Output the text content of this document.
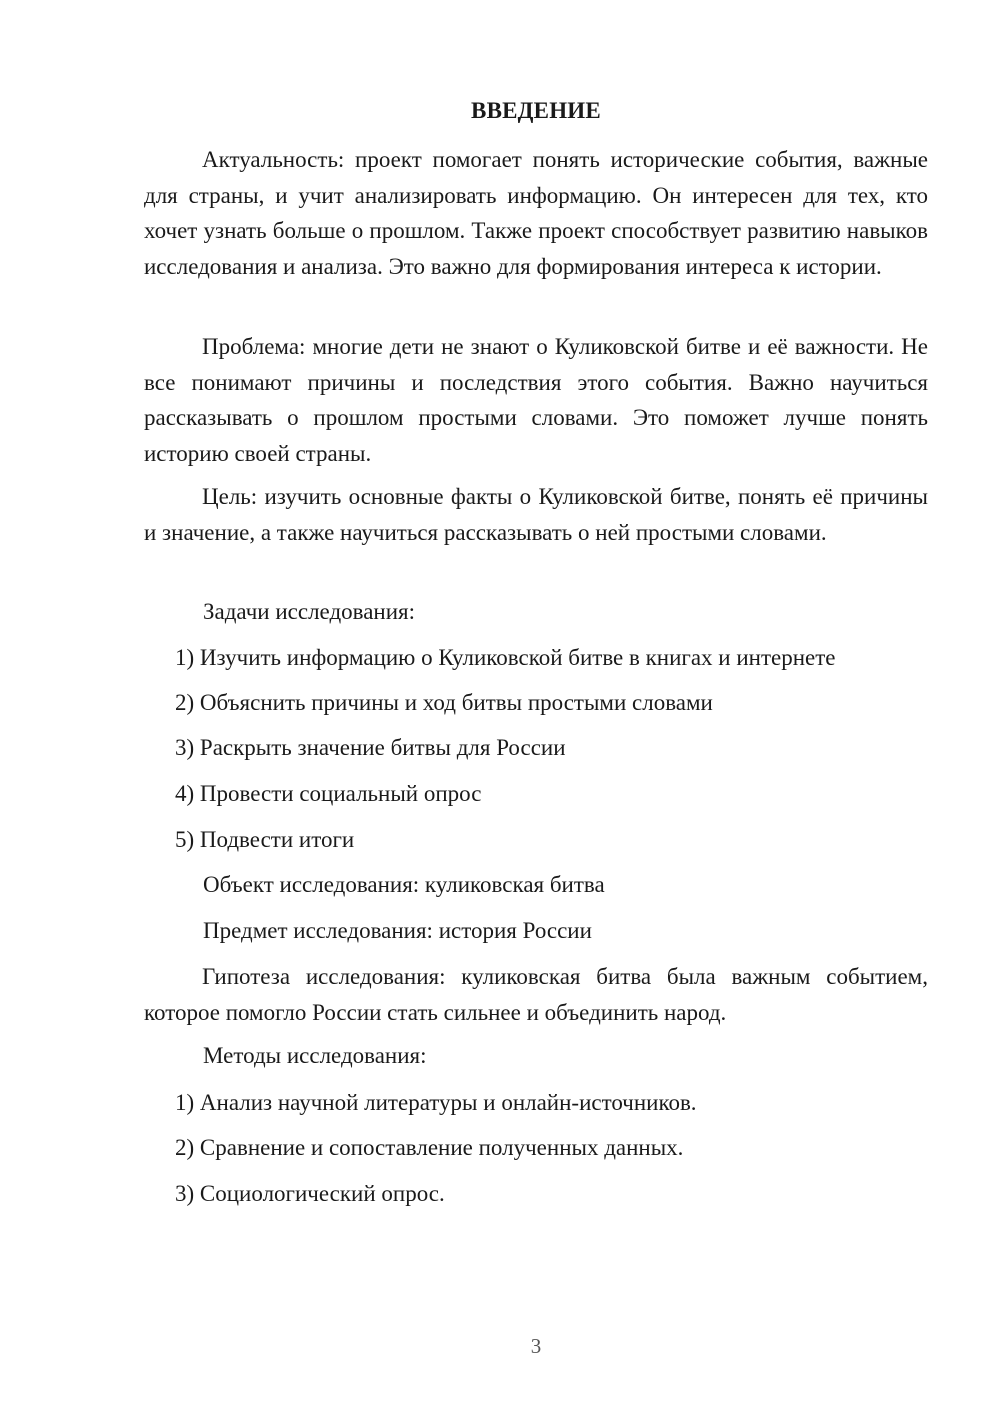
ВВЕДЕНИЕ

Актуальность: проект помогает понять исторические события, важные для страны, и учит анализировать информацию. Он интересен для тех, кто хочет узнать больше о прошлом. Также проект способствует развитию навыков исследования и анализа. Это важно для формирования интереса к истории.

Проблема: многие дети не знают о Куликовской битве и её важности. Не все понимают причины и последствия этого события. Важно научиться рассказывать о прошлом простыми словами. Это поможет лучше понять историю своей страны.

Цель: изучить основные факты о Куликовской битве, понять её причины и значение, а также научиться рассказывать о ней простыми словами.

Задачи исследования:
1) Изучить информацию о Куликовской битве в книгах и интернете
2) Объяснить причины и ход битвы простыми словами
3) Раскрыть значение битвы для России
4) Провести социальный опрос
5) Подвести итоги
Объект исследования: куликовская битва
Предмет исследования: история России

Гипотеза исследования: куликовская битва была важным событием, которое помогло России стать сильнее и объединить народ.

Методы исследования:
1) Анализ научной литературы и онлайн-источников.
2) Сравнение и сопоставление полученных данных.
3) Социологический опрос.
3
